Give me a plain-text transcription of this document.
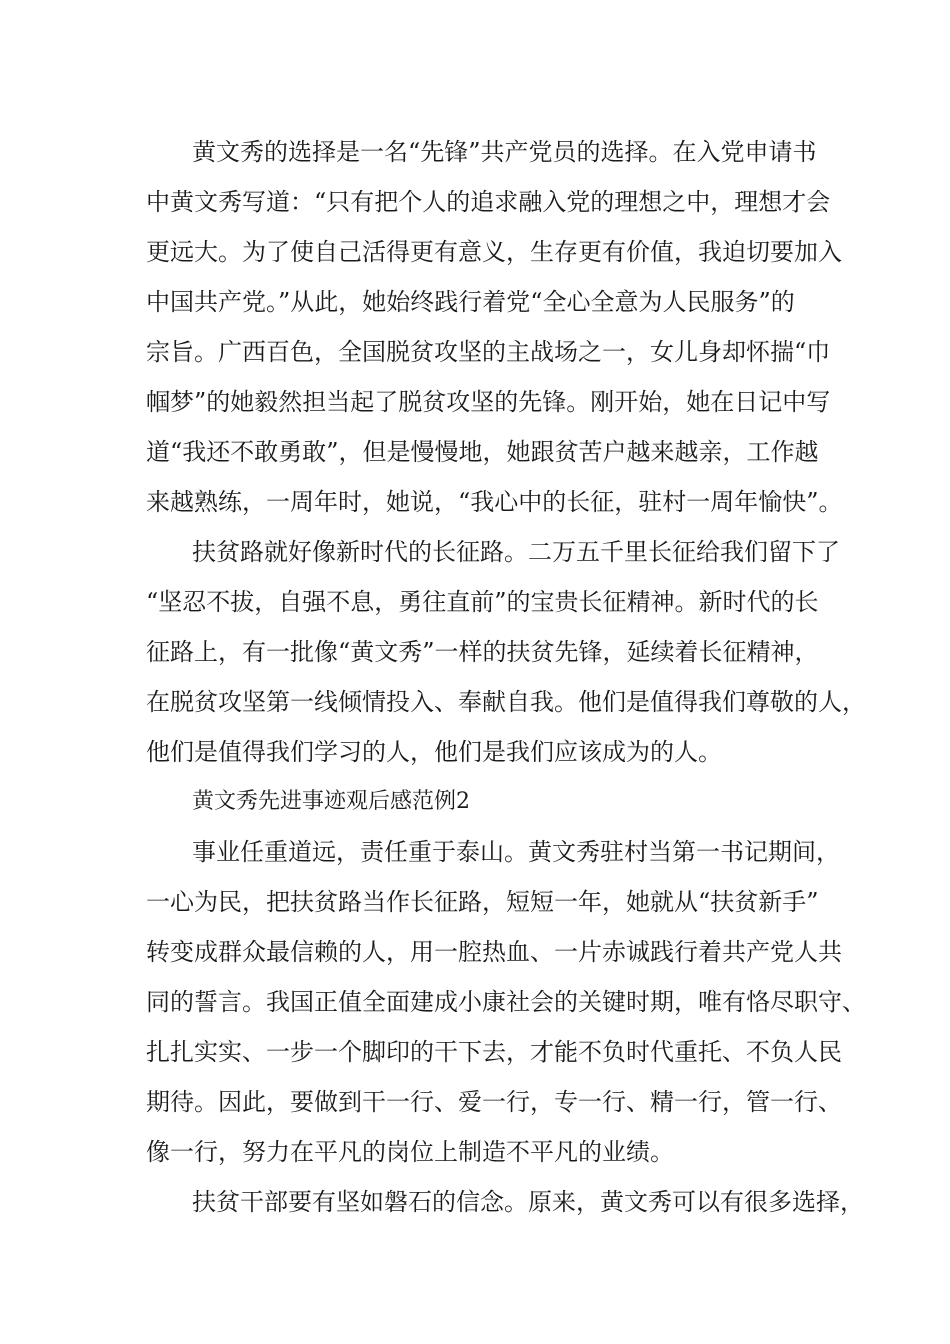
黄文秀的选择是一名“先锋”共产党员的选择。在入党申请书

中黄文秀写道：“只有把个人的追求融入党的理想之中，理想才会

更远大。为了使自己活得更有意义，生存更有价值，我迫切要加入

中国共产党。”从此，她始终践行着党“全心全意为人民服务”的

宗旨。广西百色，全国脱贫攻坚的主战场之一，女儿身却怀揣“巾

帼梦”的她毅然担当起了脱贫攻坚的先锋。刚开始，她在日记中写

道“我还不敢勇敢”，但是慢慢地，她跟贫苦户越来越亲，工作越

来越熟练，一周年时，她说，“我心中的长征，驻村一周年愉快”。

扶贫路就好像新时代的长征路。二万五千里长征给我们留下了

“坚忍不拔，自强不息，勇往直前”的宝贵长征精神。新时代的长

征路上，有一批像“黄文秀”一样的扶贫先锋，延续着长征精神，

在脱贫攻坚第一线倾情投入、奉献自我。他们是值得我们尊敬的人，

他们是值得我们学习的人，他们是我们应该成为的人。

黄文秀先进事迹观后感范例2

事业任重道远，责任重于泰山。黄文秀驻村当第一书记期间，

一心为民，把扶贫路当作长征路，短短一年，她就从“扶贫新手”

转变成群众最信赖的人，用一腔热血、一片赤诚践行着共产党人共

同的誓言。我国正值全面建成小康社会的关键时期，唯有恪尽职守、

扎扎实实、一步一个脚印的干下去，才能不负时代重托、不负人民

期待。因此，要做到干一行、爱一行，专一行、精一行，管一行、

像一行，努力在平凡的岗位上制造不平凡的业绩。

扶贫干部要有坚如磐石的信念。原来，黄文秀可以有很多选择，
